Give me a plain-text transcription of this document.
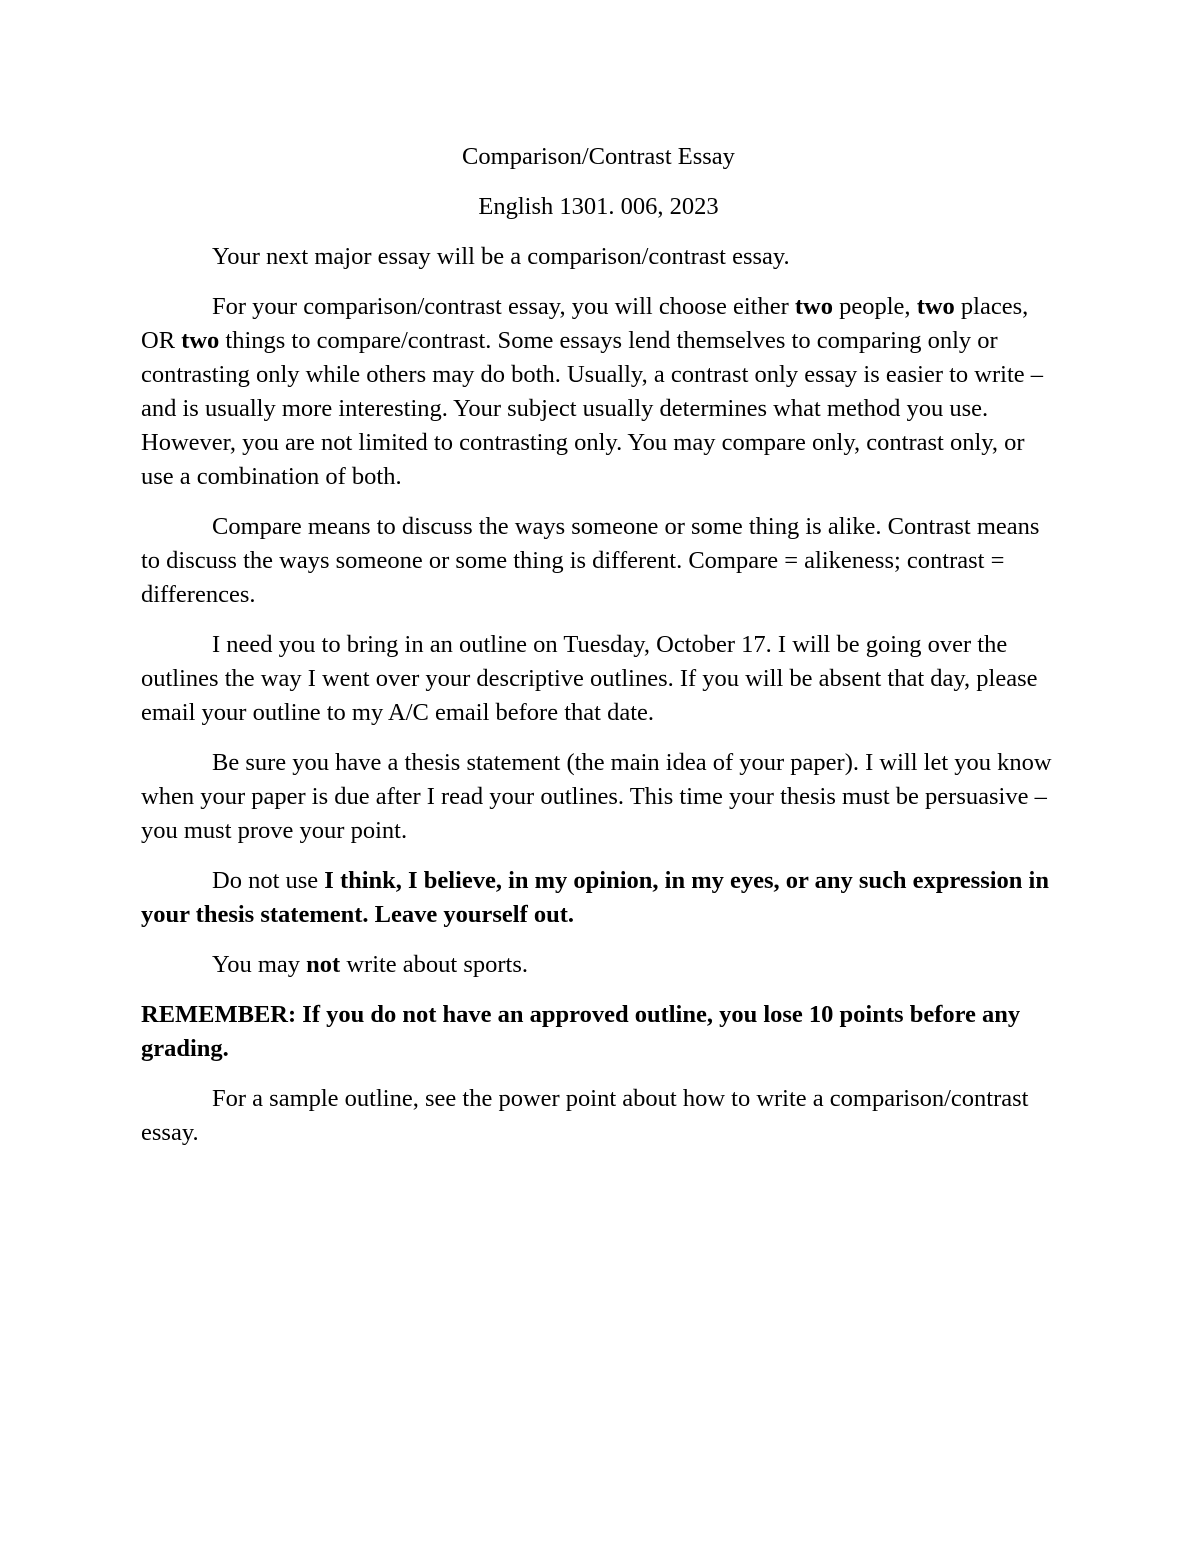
Comparison/Contrast Essay
English 1301. 006, 2023

Your next major essay will be a comparison/contrast essay.

For your comparison/contrast essay, you will choose either two people, two places, OR two things to compare/contrast. Some essays lend themselves to comparing only or contrasting only while others may do both. Usually, a contrast only essay is easier to write – and is usually more interesting. Your subject usually determines what method you use. However, you are not limited to contrasting only. You may compare only, contrast only, or use a combination of both.

Compare means to discuss the ways someone or some thing is alike. Contrast means to discuss the ways someone or some thing is different. Compare = alikeness; contrast = differences.

I need you to bring in an outline on Tuesday, October 17. I will be going over the outlines the way I went over your descriptive outlines. If you will be absent that day, please email your outline to my A/C email before that date.

Be sure you have a thesis statement (the main idea of your paper). I will let you know when your paper is due after I read your outlines. This time your thesis must be persuasive – you must prove your point.

Do not use I think, I believe, in my opinion, in my eyes, or any such expression in your thesis statement. Leave yourself out.

You may not write about sports.

REMEMBER: If you do not have an approved outline, you lose 10 points before any grading.

For a sample outline, see the power point about how to write a comparison/contrast essay.
